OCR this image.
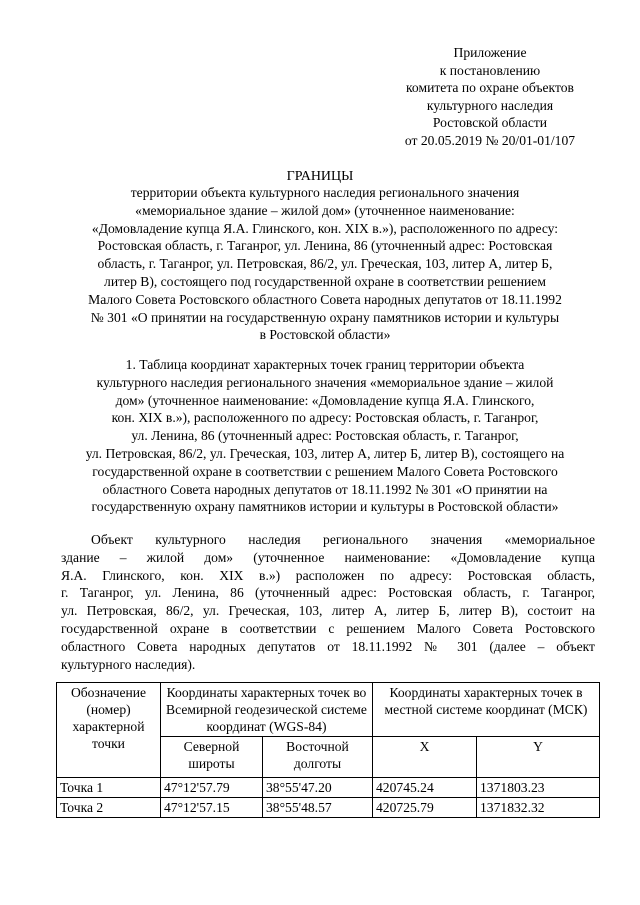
Приложение
к постановлению
комитета по охране объектов
культурного наследия
Ростовской области
от 20.05.2019 № 20/01-01/107
ГРАНИЦЫ
территории объекта культурного наследия регионального значения
«мемориальное здание – жилой дом» (уточненное наименование:
«Домовладение купца Я.А. Глинского, кон. XIX в.»), расположенного по адресу:
Ростовская область, г. Таганрог, ул. Ленина, 86 (уточненный адрес: Ростовская
область, г. Таганрог, ул. Петровская, 86/2, ул. Греческая, 103, литер А, литер Б,
литер В), состоящего под государственной охране в соответствии решением
Малого Совета Ростовского областного Совета народных депутатов от 18.11.1992
№ 301 «О принятии на государственную охрану памятников истории и культуры
в Ростовской области»
1. Таблица координат характерных точек границ территории объекта
культурного наследия регионального значения «мемориальное здание – жилой
дом» (уточненное наименование: «Домовладение купца Я.А. Глинского,
кон. XIX в.»), расположенного по адресу: Ростовская область, г. Таганрог,
ул. Ленина, 86 (уточненный адрес: Ростовская область, г. Таганрог,
ул. Петровская, 86/2, ул. Греческая, 103, литер А, литер Б, литер В), состоящего на
государственной охране в соответствии с решением Малого Совета Ростовского
областного Совета народных депутатов от 18.11.1992 № 301 «О принятии на
государственную охрану памятников истории и культуры в Ростовской области»
Объект культурного наследия регионального значения «мемориальное
здание – жилой дом» (уточненное наименование: «Домовладение купца
Я.А. Глинского, кон. XIX в.») расположен по адресу: Ростовская область,
г. Таганрог, ул. Ленина, 86 (уточненный адрес: Ростовская область, г. Таганрог,
ул. Петровская, 86/2, ул. Греческая, 103, литер А, литер Б, литер В), состоит на
государственной охране в соответствии с решением Малого Совета Ростовского
областного Совета народных депутатов от 18.11.1992 № 301 (далее – объект
культурного наследия).
Обозначение (номер) характерной точки	Координаты характерных точек во Всемирной геодезической системе координат (WGS-84)		Координаты характерных точек в местной системе координат (МСК)	
	Северной широты	Восточной долготы	X	Y
Точка 1	47°12'57.79	38°55'47.20	420745.24	1371803.23
Точка 2	47°12'57.15	38°55'48.57	420725.79	1371832.32
